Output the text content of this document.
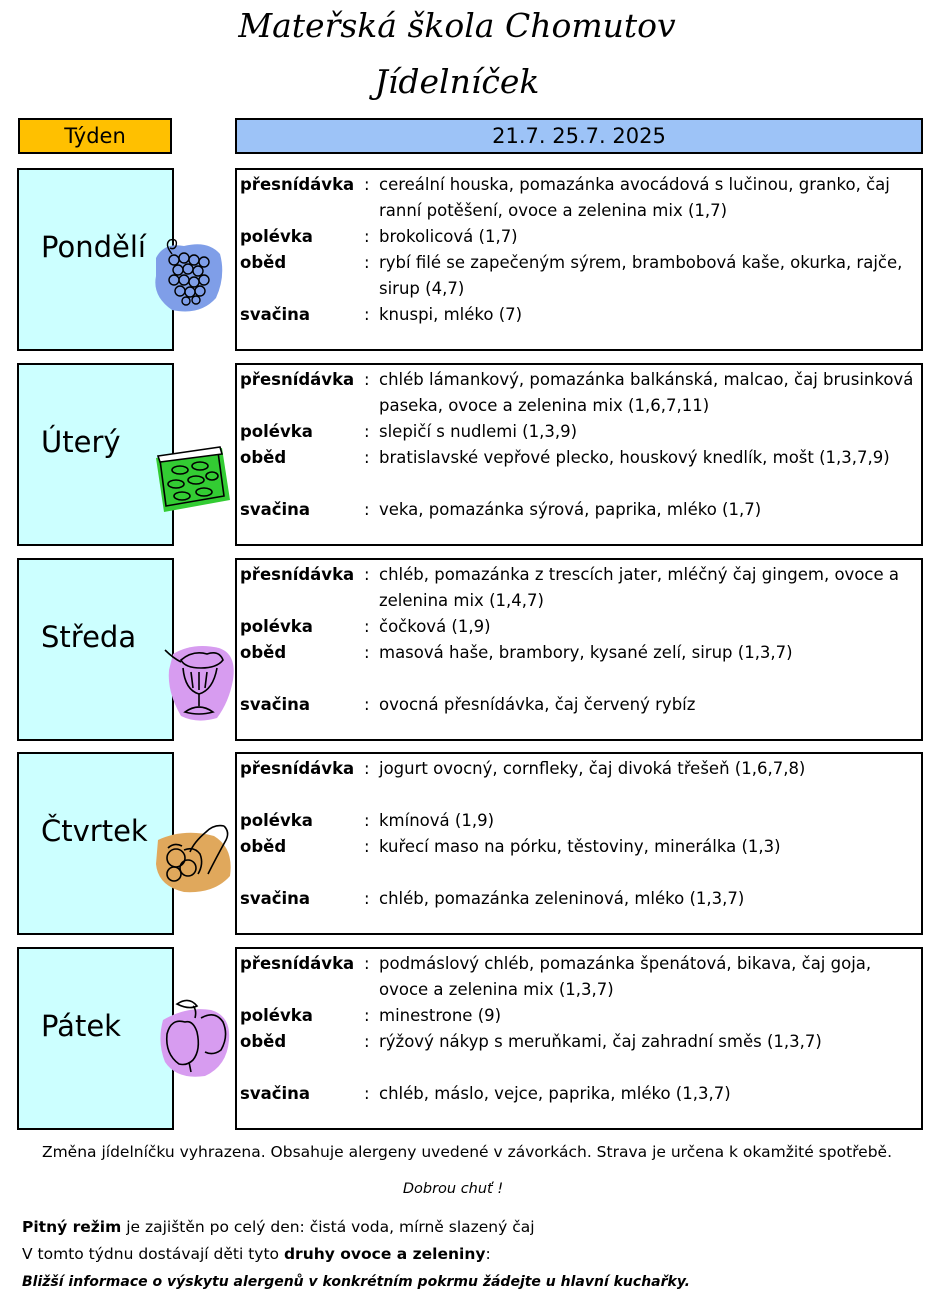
Mateřská škola Chomutov
Jídelníček
Týden	21.7. 25.7. 2025
Pondělí
přesnídávka : cereální houska, pomazánka avocádová s lučinou, granko, čaj ranní potěšení, ovoce a zelenina mix (1,7)
polévka	: brokolicová (1,7)
oběd	: rybí filé se zapečeným sýrem, brambobová kaše, okurka, rajče, sirup (4,7)
svačina	: knuspi, mléko (7)
Úterý
přesnídávka : chléb lámankový, pomazánka balkánská, malcao, čaj brusinková paseka, ovoce a zelenina mix (1,6,7,11)
polévka	: slepičí s nudlemi (1,3,9)
oběd	: bratislavské vepřové plecko, houskový knedlík, mošt (1,3,7,9)
svačina	: veka, pomazánka sýrová, paprika, mléko (1,7)
Středa
přesnídávka : chléb, pomazánka z trescích jater, mléčný čaj gingem, ovoce a zelenina mix (1,4,7)
polévka	: čočková (1,9)
oběd	: masová haše, brambory, kysané zelí, sirup (1,3,7)
svačina	: ovocná přesnídávka, čaj červený rybíz
Čtvrtek
přesnídávka : jogurt ovocný, cornfleky, čaj divoká třešeň (1,6,7,8)
polévka	: kmínová (1,9)
oběd	: kuřecí maso na pórku, těstoviny, minerálka (1,3)
svačina	: chléb, pomazánka zeleninová, mléko (1,3,7)
Pátek
přesnídávka : podmáslový chléb, pomazánka špenátová, bikava, čaj goja, ovoce a zelenina mix (1,3,7)
polévka	: minestrone (9)
oběd	: rýžový nákyp s meruňkami, čaj zahradní směs (1,3,7)
svačina	: chléb, máslo, vejce, paprika, mléko (1,3,7)
Změna jídelníčku vyhrazena. Obsahuje alergeny uvedené v závorkách. Strava je určena k okamžité spotřebě.
Dobrou chuť !
Pitný režim je zajištěn po celý den: čistá voda, mírně slazený čaj
V tomto týdnu dostávají děti tyto druhy ovoce a zeleniny:
Bližší informace o výskytu alergenů v konkrétním pokrmu žádejte u hlavní kuchařky.
